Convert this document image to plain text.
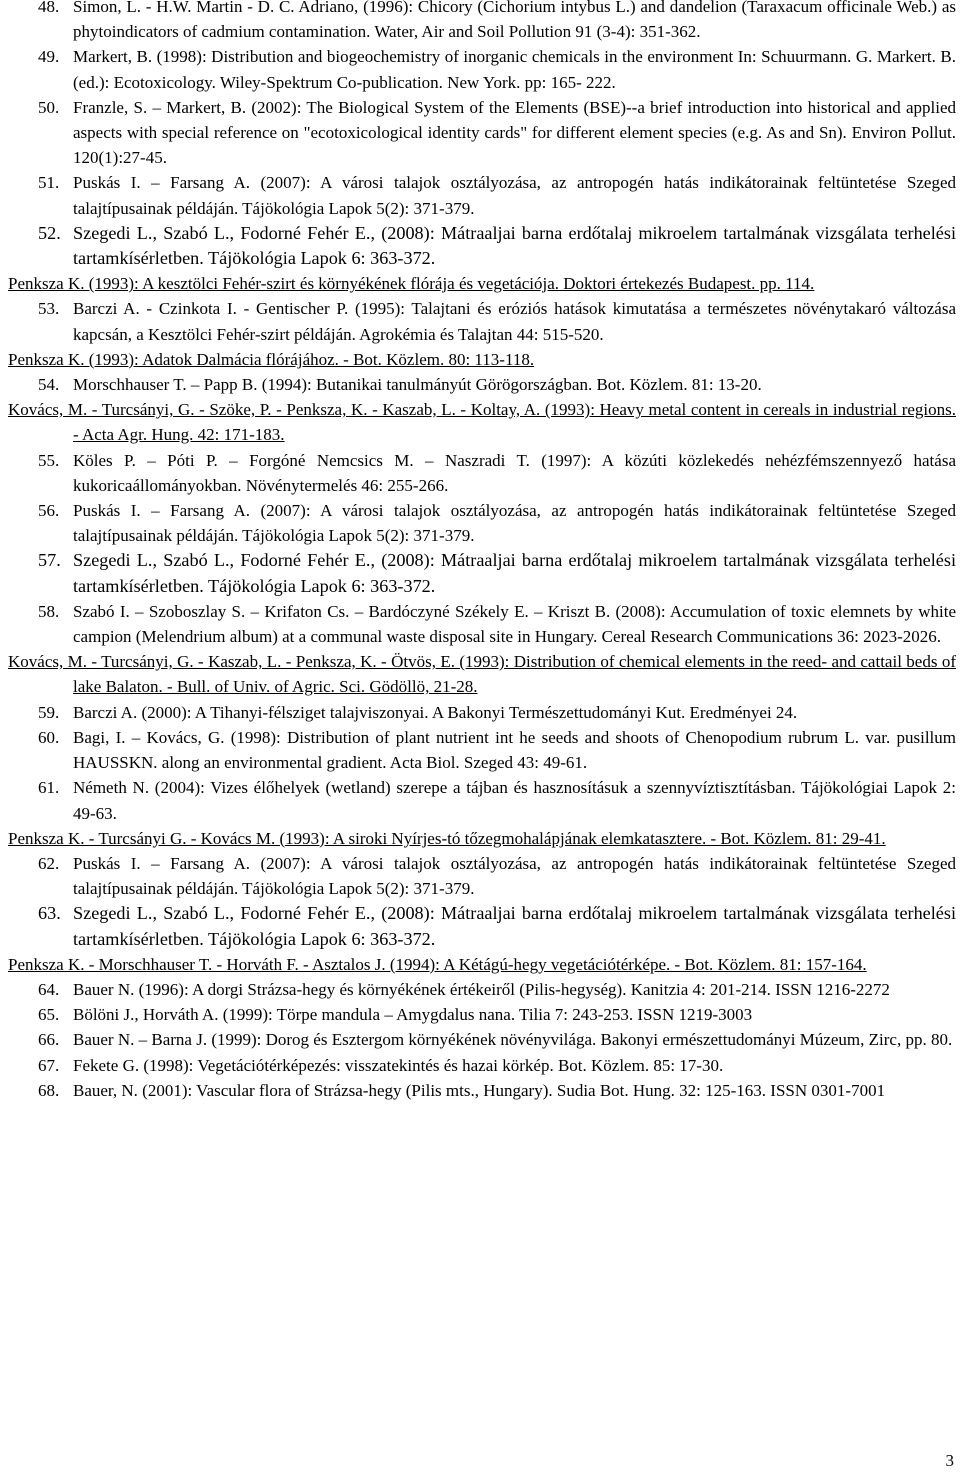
48. Simon, L. - H.W. Martin - D. C. Adriano, (1996): Chicory (Cichorium intybus L.) and dandelion (Taraxacum officinale Web.) as phytoindicators of cadmium contamination. Water, Air and Soil Pollution 91 (3-4): 351-362.
49. Markert, B. (1998): Distribution and biogeochemistry of inorganic chemicals in the environment In: Schuurmann. G. Markert. B. (ed.): Ecotoxicology. Wiley-Spektrum Co-publication. New York. pp: 165- 222.
50. Franzle, S. – Markert, B. (2002): The Biological System of the Elements (BSE)--a brief introduction into historical and applied aspects with special reference on "ecotoxicological identity cards" for different element species (e.g. As and Sn). Environ Pollut. 120(1):27-45.
51. Puskás I. – Farsang A. (2007): A városi talajok osztályozása, az antropogén hatás indikátorainak feltüntetése Szeged talajtípusainak példáján. Tájökológia Lapok 5(2): 371-379.
52. Szegedi L., Szabó L., Fodorné Fehér E., (2008): Mátraaljai barna erdőtalaj mikroelem tartalmának vizsgálata terhelési tartamkísérletben. Tájökológia Lapok 6: 363-372.
Penksza K. (1993): A kesztölci Fehér-szirt és környékének flórája és vegetációja. Doktori értekezés Budapest. pp. 114.
53. Barczi A. - Czinkota I. - Gentischer P. (1995): Talajtani és eróziós hatások kimutatása a természetes növénytakaró változása kapcsán, a Kesztölci Fehér-szirt példáján. Agrokémia és Talajtan 44: 515-520.
Penksza K. (1993): Adatok Dalmácia flórájához. - Bot. Közlem. 80: 113-118.
54. Morschhauser T. – Papp B. (1994): Butanikai tanulmányút Görögországban. Bot. Közlem. 81: 13-20.
Kovács, M. - Turcsányi, G. - Szöke, P. - Penksza, K. - Kaszab, L. - Koltay, A. (1993): Heavy metal content in cereals in industrial regions. - Acta Agr. Hung. 42: 171-183.
55. Köles P. – Póti P. – Forgóné Nemcsics M. – Naszradi T. (1997): A közúti közlekedés nehézfémszennyező hatása kukoricaállományokban. Növénytermelés 46: 255-266.
56. Puskás I. – Farsang A. (2007): A városi talajok osztályozása, az antropogén hatás indikátorainak feltüntetése Szeged talajtípusainak példáján. Tájökológia Lapok 5(2): 371-379.
57. Szegedi L., Szabó L., Fodorné Fehér E., (2008): Mátraaljai barna erdőtalaj mikroelem tartalmának vizsgálata terhelési tartamkísérletben. Tájökológia Lapok 6: 363-372.
58. Szabó I. – Szoboszlay S. – Krifaton Cs. – Bardóczyné Székely E. – Kriszt B. (2008): Accumulation of toxic elemnets by white campion (Melendrium album) at a communal waste disposal site in Hungary. Cereal Research Communications 36: 2023-2026.
Kovács, M. - Turcsányi, G. - Kaszab, L. - Penksza, K. - Ötvös, E. (1993): Distribution of chemical elements in the reed- and cattail beds of lake Balaton. - Bull. of Univ. of Agric. Sci. Gödöllö, 21-28.
59. Barczi A. (2000): A Tihanyi-félsziget talajviszonyai. A Bakonyi Természettudományi Kut. Eredményei 24.
60. Bagi, I. – Kovács, G. (1998): Distribution of plant nutrient int he seeds and shoots of Chenopodium rubrum L. var. pusillum HAUSSKN. along an environmental gradient. Acta Biol. Szeged 43: 49-61.
61. Németh N. (2004): Vizes élőhelyek (wetland) szerepe a tájban és hasznosításuk a szennyvíztisztításban. Tájökológiai Lapok 2: 49-63.
Penksza K. - Turcsányi G. - Kovács M. (1993): A siroki Nyírjes-tó tőzegmohalápjának elemkatasztere. - Bot. Közlem. 81: 29-41.
62. Puskás I. – Farsang A. (2007): A városi talajok osztályozása, az antropogén hatás indikátorainak feltüntetése Szeged talajtípusainak példáján. Tájökológia Lapok 5(2): 371-379.
63. Szegedi L., Szabó L., Fodorné Fehér E., (2008): Mátraaljai barna erdőtalaj mikroelem tartalmának vizsgálata terhelési tartamkísérletben. Tájökológia Lapok 6: 363-372.
Penksza K. - Morschhauser T. - Horváth F. - Asztalos J. (1994): A Kétágú-hegy vegetációtérképe. - Bot. Közlem. 81: 157-164.
64. Bauer N. (1996): A dorgi Strázsa-hegy és környékének értékeiről (Pilis-hegység). Kanitzia 4: 201-214. ISSN 1216-2272
65. Bölöni J., Horváth A. (1999): Törpe mandula – Amygdalus nana. Tilia 7: 243-253. ISSN 1219-3003
66. Bauer N. – Barna J. (1999): Dorog és Esztergom környékének növényvilága. Bakonyi ermészettudományi Múzeum, Zirc, pp. 80.
67. Fekete G. (1998): Vegetációtérképezés: visszatekintés és hazai körkép. Bot. Közlem. 85: 17-30.
68. Bauer, N. (2001): Vascular flora of Strázsa-hegy (Pilis mts., Hungary). Sudia Bot. Hung. 32: 125-163. ISSN 0301-7001
3
